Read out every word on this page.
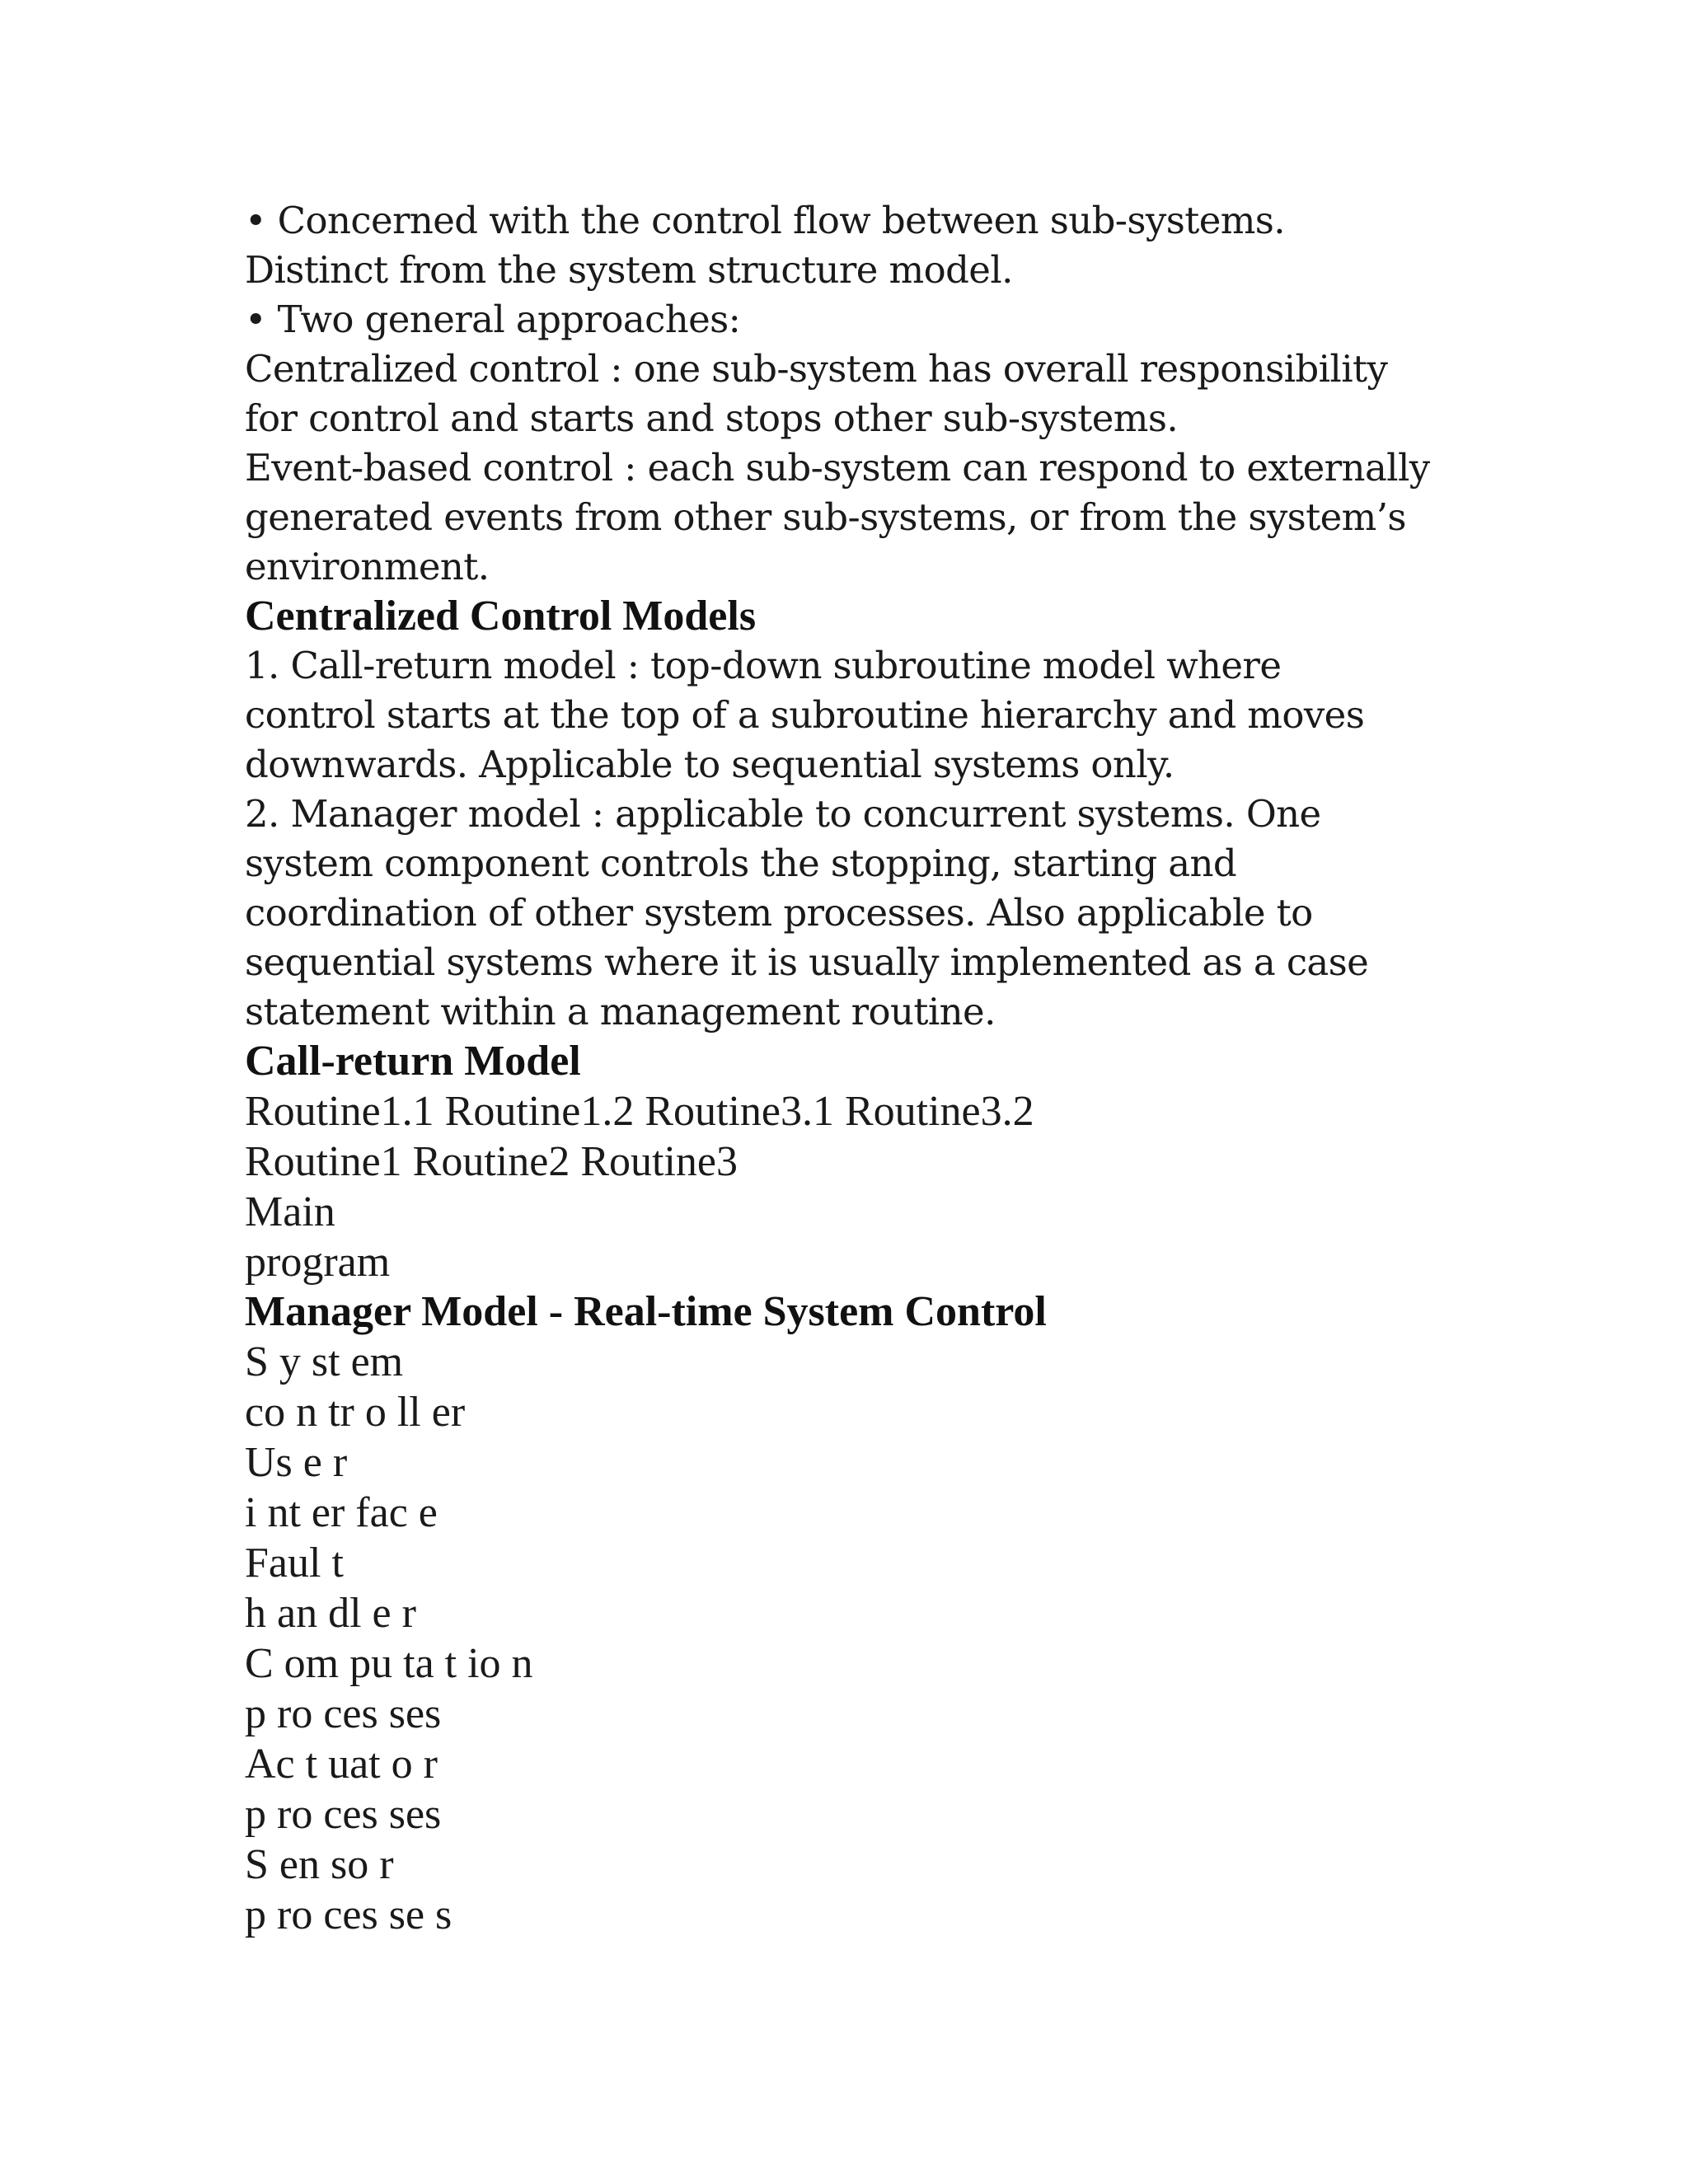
• Concerned with the control flow between sub-systems.
Distinct from the system structure model.
• Two general approaches:
Centralized control : one sub-system has overall responsibility
for control and starts and stops other sub-systems.
Event-based control : each sub-system can respond to externally
generated events from other sub-systems, or from the system’s
environment.
Centralized Control Models
1. Call-return model : top-down subroutine model where
control starts at the top of a subroutine hierarchy and moves
downwards. Applicable to sequential systems only.
2. Manager model : applicable to concurrent systems. One
system component controls the stopping, starting and
coordination of other system processes. Also applicable to
sequential systems where it is usually implemented as a case
statement within a management routine.
Call-return Model
Routine1.1 Routine1.2 Routine3.1 Routine3.2
Routine1 Routine2 Routine3
Main
program
Manager Model - Real-time System Control
S y st em
co n tr o ll er
Us e r
i nt er fac e
Faul t
h an dl e r
C om pu ta t io n
p ro ces ses
Ac t uat o r
p ro ces ses
S en so r
p ro ces se s
